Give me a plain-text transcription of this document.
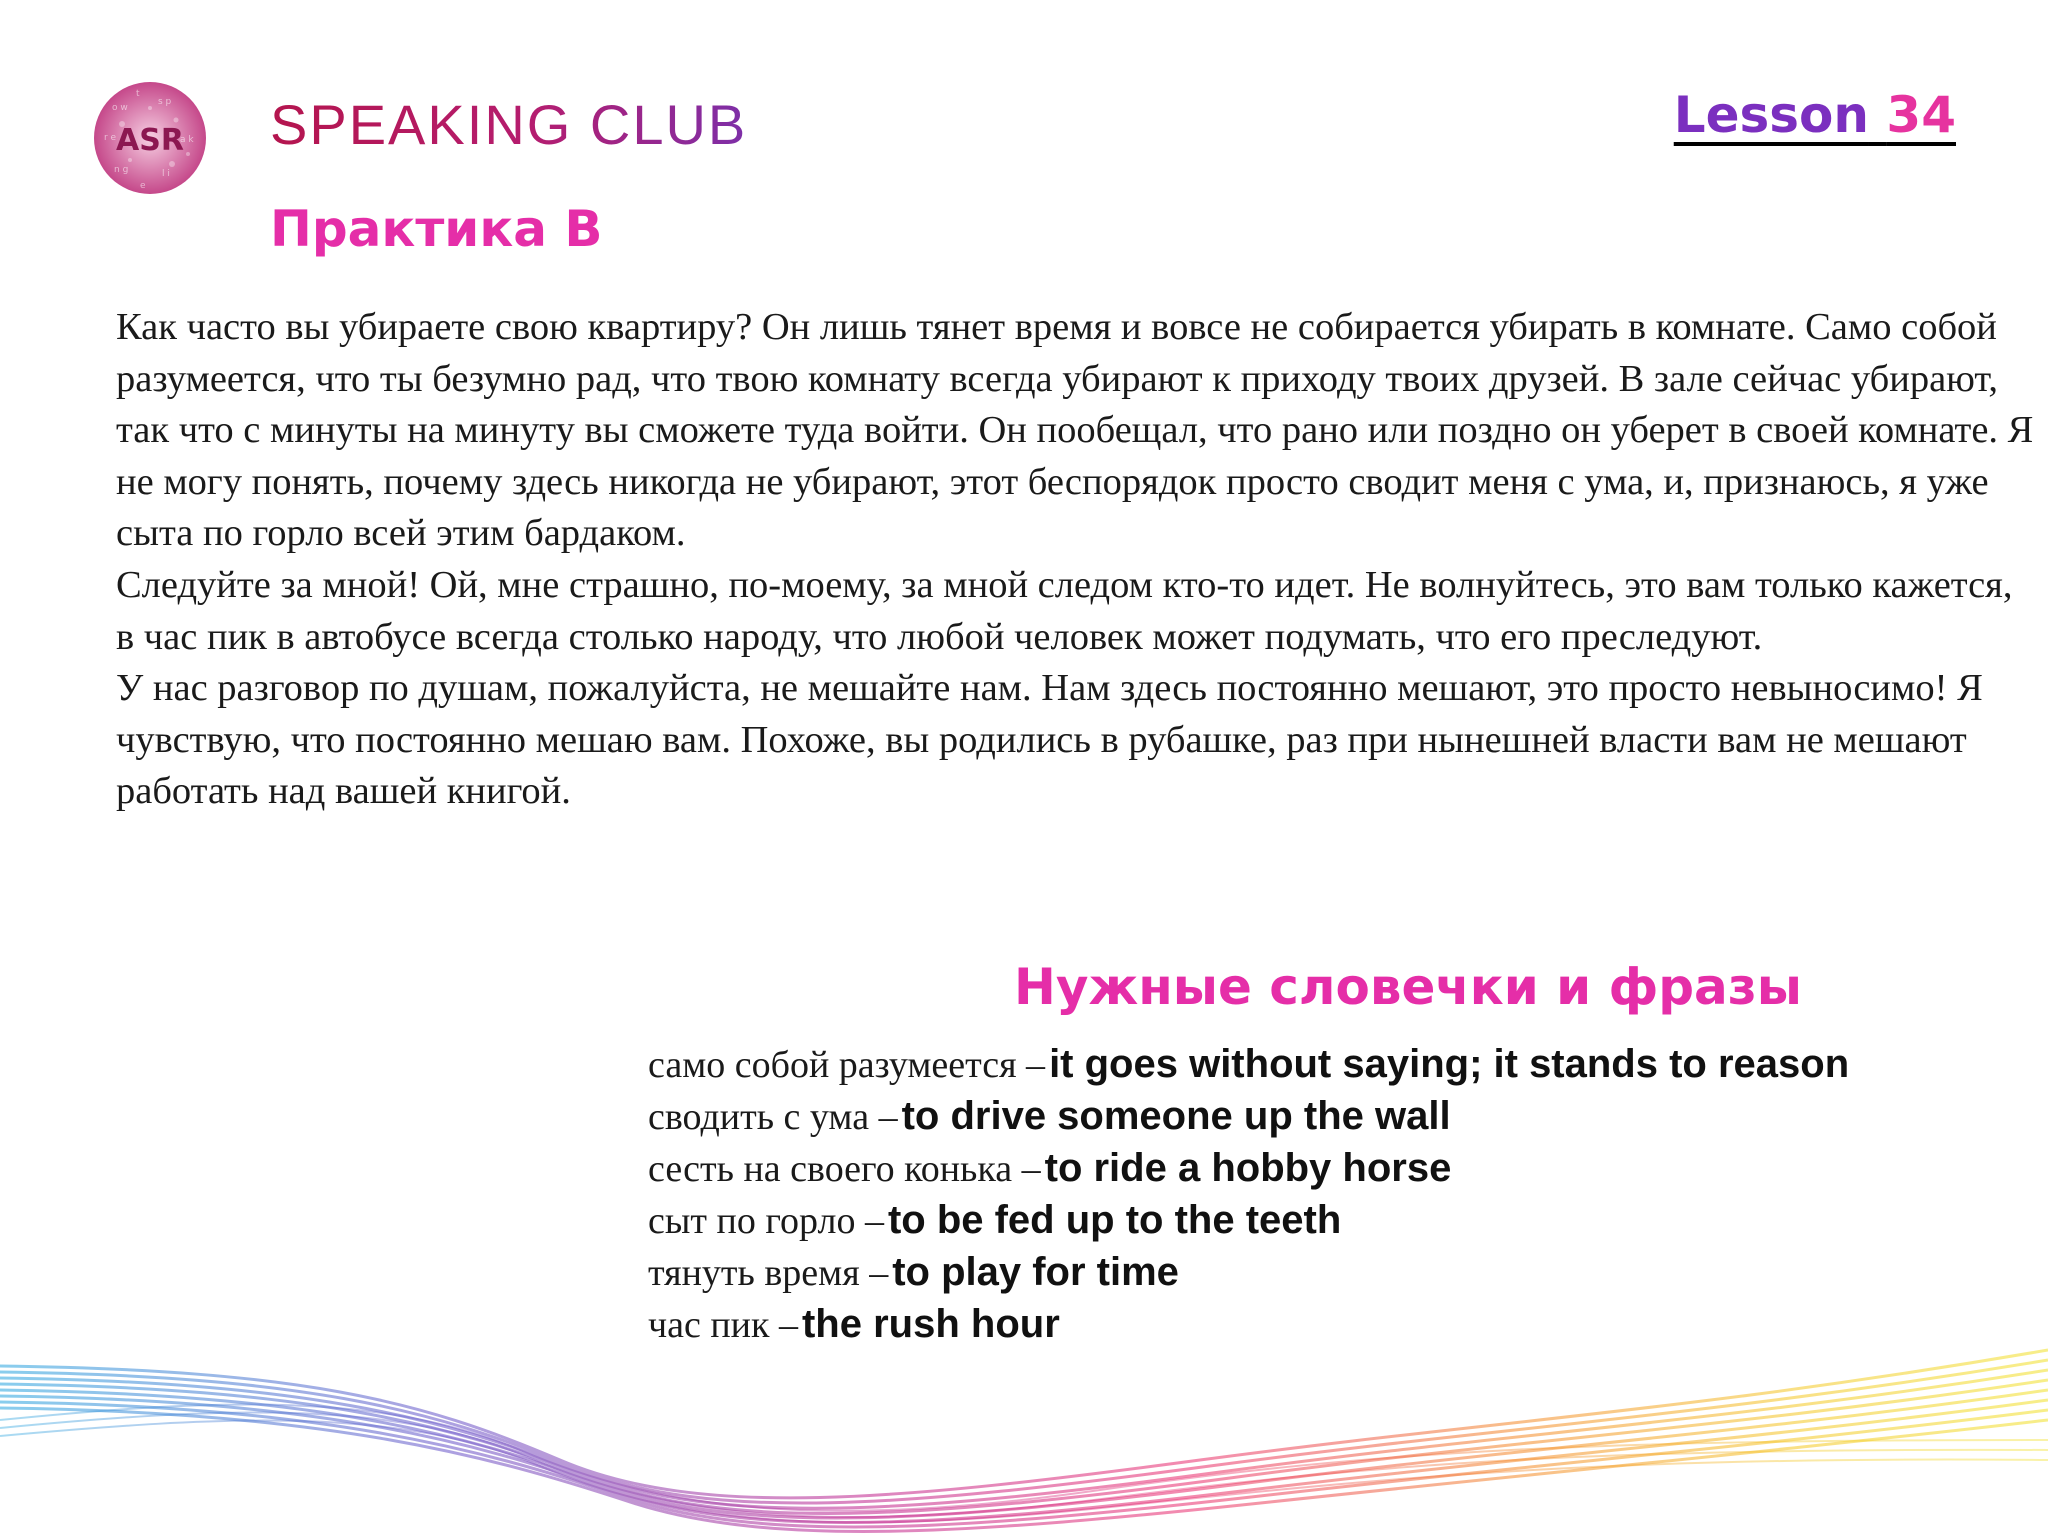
o w
s p
r e	a k
n g	l i
t
e
ASR SPEAKING CLUB	Lesson 34
Практика В

Как часто вы убираете свою квартиру? Он лишь тянет время и вовсе не собирается убирать в комнате. Само собой разумеется, что ты безумно рад, что твою комнату всегда убирают к приходу твоих друзей. В зале сейчас убирают, так что с минуты на минуту вы сможете туда войти. Он пообещал, что рано или поздно он уберет в своей комнате. Я не могу понять, почему здесь никогда не убирают, этот беспорядок просто сводит меня с ума, и, признаюсь, я уже сыта по горло всей этим бардаком.

Следуйте за мной! Ой, мне страшно, по-моему, за мной следом кто-то идет. Не волнуйтесь, это вам только кажется, в час пик в автобусе всегда столько народу, что любой человек может подумать, что его преследуют.

У нас разговор по душам, пожалуйста, не мешайте нам. Нам здесь постоянно мешают, это просто невыносимо! Я чувствую, что постоянно мешаю вам. Похоже, вы родились в рубашке, раз при нынешней власти вам не мешают работать над вашей книгой.

Нужные словечки и фразы
само собой разумеется – it goes without saying; it stands to reason
сводить с ума – to drive someone up the wall
сесть на своего конька – to ride a hobby horse
сыт по горло – to be fed up to the teeth
тянуть время – to play for time
час пик – the rush hour
